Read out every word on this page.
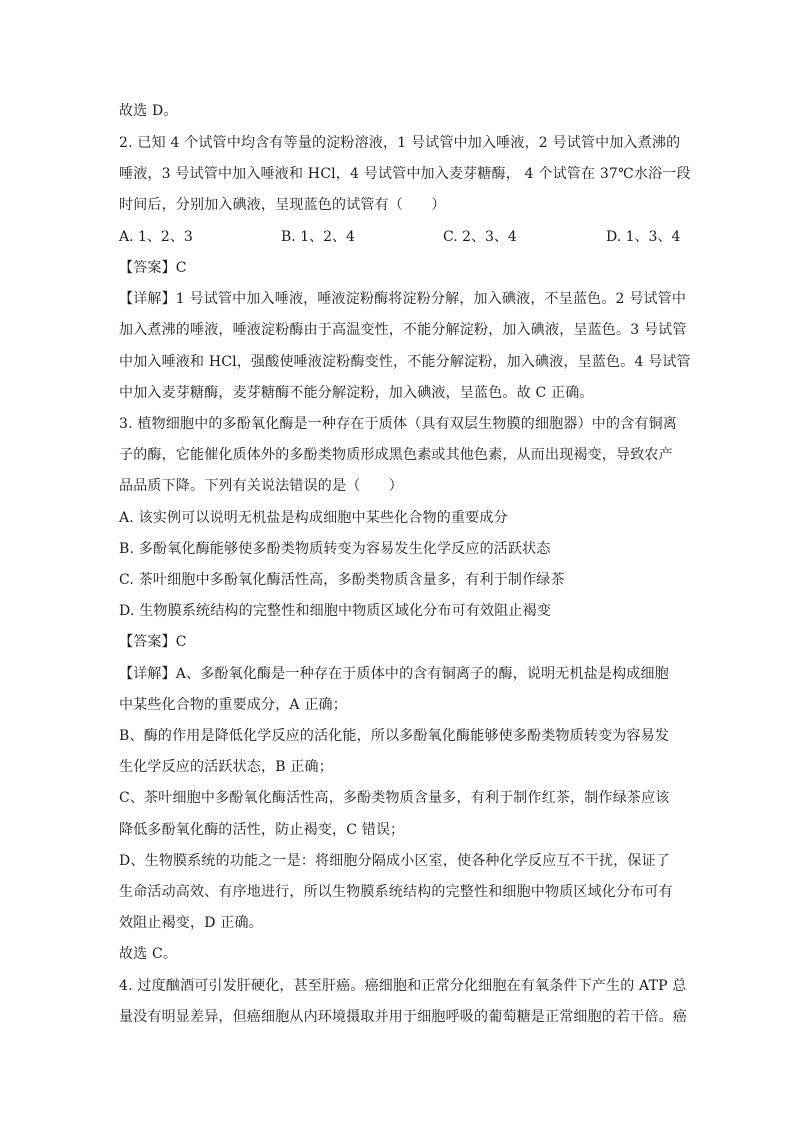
故选 D。
2. 已知 4 个试管中均含有等量的淀粉溶液，1 号试管中加入唾液，2 号试管中加入煮沸的
唾液，3 号试管中加入唾液和 HCl，4 号试管中加入麦芽糖酶， 4 个试管在 37℃水浴一段
时间后，分别加入碘液，呈现蓝色的试管有（　　）
A. 1、2、3	B. 1、2、4	C. 2、3、4	D. 1、3、4
【答案】C
【详解】1 号试管中加入唾液，唾液淀粉酶将淀粉分解，加入碘液，不呈蓝色。2 号试管中
加入煮沸的唾液，唾液淀粉酶由于高温变性，不能分解淀粉，加入碘液，呈蓝色。3 号试管
中加入唾液和 HCl，强酸使唾液淀粉酶变性，不能分解淀粉，加入碘液，呈蓝色。4 号试管
中加入麦芽糖酶，麦芽糖酶不能分解淀粉，加入碘液，呈蓝色。故 C 正确。
3. 植物细胞中的多酚氧化酶是一种存在于质体（具有双层生物膜的细胞器）中的含有铜离
子的酶，它能催化质体外的多酚类物质形成黑色素或其他色素，从而出现褐变，导致农产
品品质下降。下列有关说法错误的是（　　）
A. 该实例可以说明无机盐是构成细胞中某些化合物的重要成分
B. 多酚氧化酶能够使多酚类物质转变为容易发生化学反应的活跃状态
C. 茶叶细胞中多酚氧化酶活性高，多酚类物质含量多，有利于制作绿茶
D. 生物膜系统结构的完整性和细胞中物质区域化分布可有效阻止褐变
【答案】C
【详解】A、多酚氧化酶是一种存在于质体中的含有铜离子的酶，说明无机盐是构成细胞
中某些化合物的重要成分，A 正确；
B、酶的作用是降低化学反应的活化能，所以多酚氧化酶能够使多酚类物质转变为容易发
生化学反应的活跃状态，B 正确；
C、茶叶细胞中多酚氧化酶活性高，多酚类物质含量多，有利于制作红茶，制作绿茶应该
降低多酚氧化酶的活性，防止褐变，C 错误；
D、生物膜系统的功能之一是：将细胞分隔成小区室，使各种化学反应互不干扰，保证了
生命活动高效、有序地进行，所以生物膜系统结构的完整性和细胞中物质区域化分布可有
效阻止褐变，D 正确。
故选 C。
4. 过度酗酒可引发肝硬化，甚至肝癌。癌细胞和正常分化细胞在有氧条件下产生的 ATP 总
量没有明显差异，但癌细胞从内环境摄取并用于细胞呼吸的葡萄糖是正常细胞的若干倍。癌
